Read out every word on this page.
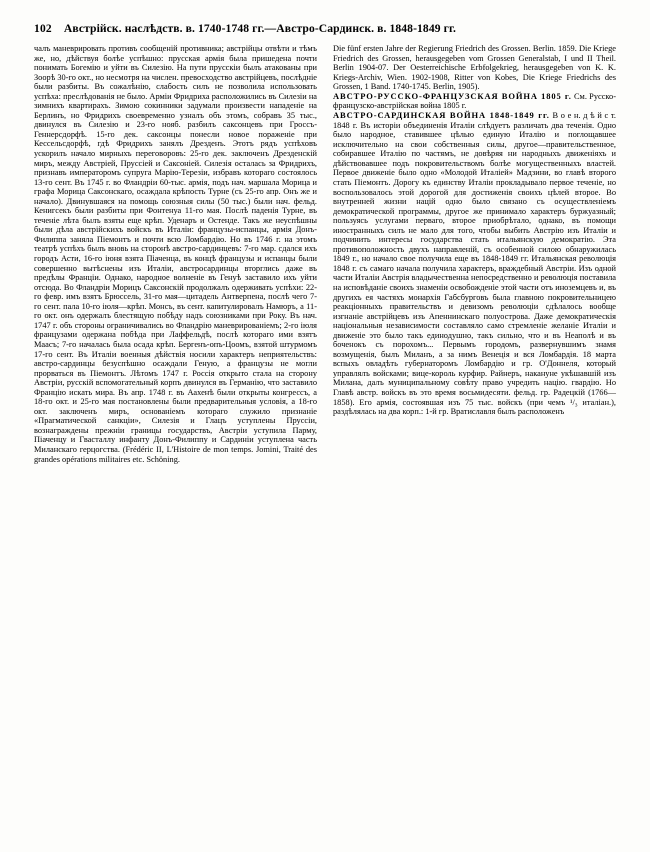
102 Австрійск. наслѣдств. в. 1740-1748 гг.—Австро-Сардинск. в. 1848-1849 гг.

чалъ маневрировать противъ сообщеній противника; австрійцы отвѣти и тѣмъ же, но, дѣйствуя болѣе успѣшно: прусская армія была пришедена почти понимать Богемію и уйти въ Силезію. На пути прусскіи былъ атакованы при Зоорѣ 30-го окт., но несмотря на числен. превосходство австрійцевъ, послѣдніе были разбиты. Въ сожалѣнію, слабость силъ не позволила использовать успѣха: преслѣдованія не было. Арміи Фридриха расположились въ Силезіи на зимнихъ квартирахъ. Зимою сокинники задумали произвести нападеніе на Берлинъ, но Фридрихъ своевременно узналъ объ этомъ, собравъ 35 тыс., двинулся въ Силезію и 23-го нояб. разбилъ саксонцевъ при Гроссъ-Геннерсдорфѣ. 15-го дек. саксонцы понесли новое пораженіе при Кессельсдорфѣ, гдѣ Фридрихъ занялъ Дрезденъ. Этотъ рядъ успѣховъ ускорилъ начало мирныхъ переговоровъ: 25-го дек. заключенъ Дрезденскій миръ, между Австріей, Пруссіей и Саксоніей. Силезія осталась за Фридрихъ, признавъ императоромъ супруга Марію-Терезіи, избравъ котораго состоялось 13-го сент. Въ 1745 г. во Фландріи 60-тыс. армія, подъ нач. маршала Морица и графа Морица Саксонскаго, осаждала крѣпость Турне (съ 25-го апр. Онъ же и начало). Двинувшаяся на помощь союзныя силы (50 тыс.) были нач. фельд. Кенигсекъ были разбиты при Фонтенуа 11-го мая. Послѣ паденія Турне, въ теченіе лѣта былъ взяты еще крѣп. Уденаръ и Остенде. Такъ же неуспѣшны были дѣла австрійскихъ войскъ въ Италіи: французы-испанцы, армія Донъ-Филиппа заняла Піемонтъ и почти всю Ломбардію. Но въ 1746 г. на этомъ театрѣ успѣхъ былъ вновь на сторонѣ австро-сардинцевъ: 7-го мар. сдался ихъ городъ Асти, 16-го іюня взята Піаченца, въ концѣ французы и испанцы были совершенно вытѣснены изъ Италіи, австросардинцы вторглись даже въ предѣлы Франціи. Однако, народное волненіе въ Генуѣ заставило ихъ уйти отсюда. Во Фландріи Морицъ Саксонскій продолжалъ одерживать успѣхи: 22-го февр. имъ взятъ Брюссель, 31-го мая—цитадель Антверпена, послѣ чего 7-го сент. пала 10-го іюля—крѣп. Монсъ, въ сент. капитулировалъ Намюръ, а 11-го окт. онъ одержалъ блестящую побѣду надъ союзниками при Року. Въ нач. 1747 г. объ стороны ограничивались во Фландрію маневрированіемъ; 2-го іюля французами одержана побѣда при Лаффельдѣ, послѣ котораго ими взятъ Маасъ; 7-го началась была осада крѣп. Бергенъ-опъ-Цоомъ, взятой штурмомъ 17-го сент. Въ Италіи военныя дѣйствія носили характеръ неприятельствъ: австро-сардинцы безуспѣшно осаждали Геную, а французы не могли прорваться въ Піемонтъ. Лѣтомъ 1747 г. Россія открыто стала на сторону Австріи, русскій вспомогательный корпъ двинулся въ Германію, что заставило Францію искать мира. Въ апр. 1748 г. въ Аахенѣ были открыты конгрессъ, а 18-го окт. и 25-го мая постановлены были предварительныя условія, а 18-го окт. заключенъ миръ, основаніемъ котораго служило признаніе «Прагматической санкціи», Силезія и Глацъ уступлены Пруссіи, вознаграждены прежніи границы государствъ, Австріи уступила Парму, Піаченцу и Гвасталлу инфанту Донъ-Филиппу и Сардиніи уступлена часть Миланскаго герцогства. (Frédéric II, L'Histoire de mon temps. Jomini, Traité des grandes opérations militaires etc. Schöning.

Die fünf ersten Jahre der Regierung Friedrich des Grossen. Berlin. 1859. Die Kriege Friedrich des Grossen, herausgegeben vom Grossen Generalstab, I und II Theil. Berlin 1904-07. Der Oesterreichische Erbfolgekrieg, herausgegeben von K. K. Kriegs-Archiv, Wien. 1902-1908, Ritter von Kobes, Die Kriege Friedrichs des Grossen, 1 Band. 1740-1745. Berlin, 1905).

АВСТРО-РУССКО-ФРАНЦУЗСКАЯ ВОЙНА 1805 г. См. Русско-французско-австрійская война 1805 г.

АВСТРО-САРДИНСКАЯ ВОЙНА 1848-1849 гг. В о е н. д ѣ й с т. 1848 г. Въ исторіи объединенія Италіи слѣдуетъ различать два теченія. Одно было народное, ставившее цѣлью единую Италію и поглощавшее исключительно на свои собственныя силы, другое—правительственное, собиравшее Италію по частямъ, не довѣряя ни народныхъ движеніяхъ и дѣйствовавшее подъ покровительствомъ болѣе могущественныхъ властей. Первое движеніе было одно «Молодой Италіей» Мадзини, во главѣ второго стать Піемонтъ. Дорогу къ единству Италіи прокладывало первое теченіе, но воспользовалось этой дорогой для достиженія своихъ цѣлей второе. Во внутренней жизни націй одно было связано съ осуществленіемъ демократической программы, другое же принимало характеръ буржуазный; пользуясь услугами перваго, второе приобрѣтало, однако, въ помощи иностранныхъ силъ не мало для того, чтобы выбить Австрію изъ Италіи и подчинить интересы государства стать итальянскую демократію. Эта противоположность двухъ направленій, съ особенной силою обнаружилась 1849 г., но начало свое получила еще въ 1848-1849 гг. Итальянская революція 1848 г. съ самаго начала получила характеръ, враждебный Австріи. Изъ одной части Италіи Австрія владычественна непосредственно и революція поставила на исповѣданіе своихъ знаменіи освобожденіе этой части отъ иноземцевъ и, въ другихъ ея частяхъ монархія Габсбурговъ была главною покровительницею реакціонныхъ правительствъ и девизомъ революціи сдѣлалось вообще изгнаніе австрійцевъ изъ Апеннинскаго полуострова. Даже демократическія національныя независимости составляло само стремленіе желаніе Италіи и движеніе это было такъ единодушно, такъ сильно, что и въ Неаполѣ и въ боченокъ съ порохомъ... Первымъ городомъ, развернувшимъ знамя возмущенія, былъ Миланъ, а за нимъ Венеція и вся Ломбардія. 18 марта вспыхъ овладѣть губернаторомъ Ломбардію и гр. О'Доннеля, который управлялъ войсками; вице-король курфир. Райнеръ, накануне укѣшавшій изъ Милана, далъ муниципальному совѣту право учредить націю. гвардію. Но Главѣ австр. войскъ въ это время восьмидесяти. фельд. гр. Радецкій (1766—1858). Его армія, состоявшая изъ 75 тыс. войскъ (при чемъ ¹/₃ италіан.), раздѣлялась на два корп.: 1-й гр. Вратиславля былъ расположенъ
